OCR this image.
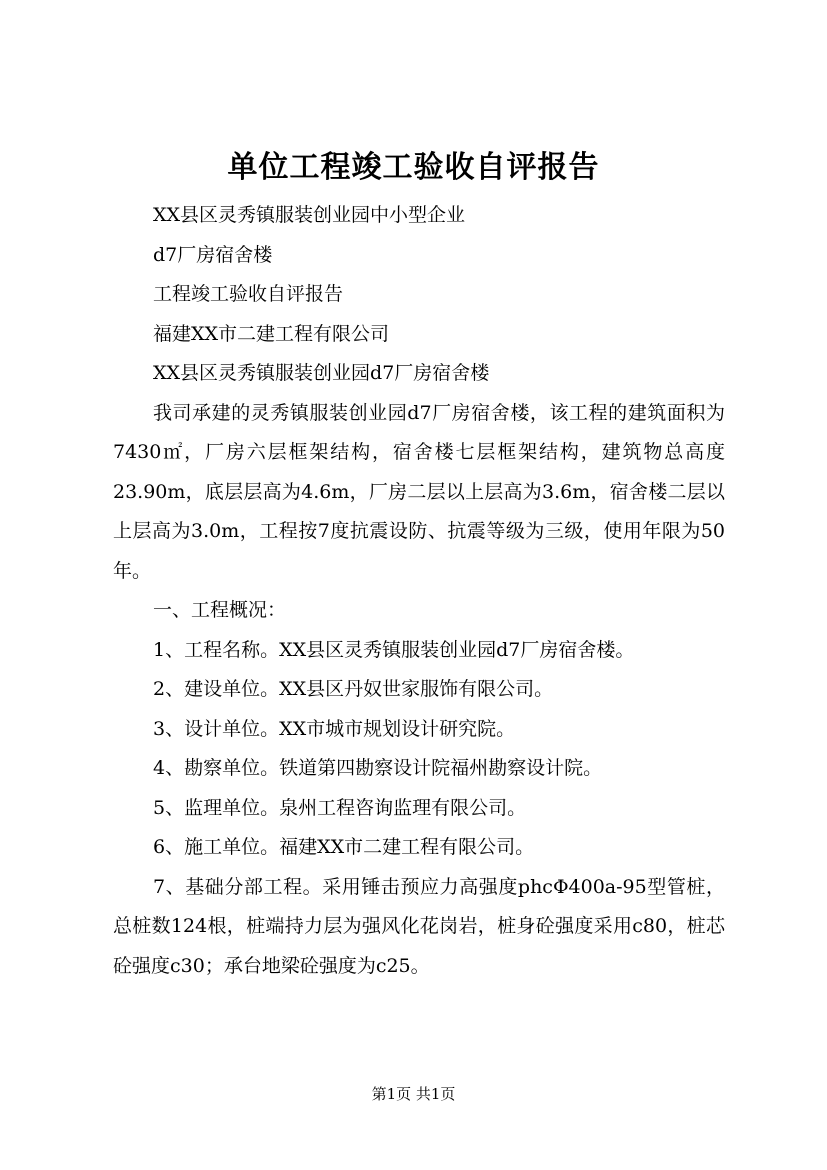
单位工程竣工验收自评报告

XX县区灵秀镇服装创业园中小型企业

d7厂房宿舍楼

工程竣工验收自评报告

福建XX市二建工程有限公司

XX县区灵秀镇服装创业园d7厂房宿舍楼

我司承建的灵秀镇服装创业园d7厂房宿舍楼，该工程的建筑面积为7430㎡，厂房六层框架结构，宿舍楼七层框架结构，建筑物总高度23.90m，底层层高为4.6m，厂房二层以上层高为3.6m，宿舍楼二层以上层高为3.0m，工程按7度抗震设防、抗震等级为三级，使用年限为50年。

一、工程概况：

1、工程名称。XX县区灵秀镇服装创业园d7厂房宿舍楼。

2、建设单位。XX县区丹奴世家服饰有限公司。

3、设计单位。XX市城市规划设计研究院。

4、勘察单位。铁道第四勘察设计院福州勘察设计院。

5、监理单位。泉州工程咨询监理有限公司。

6、施工单位。福建XX市二建工程有限公司。

7、基础分部工程。采用锤击预应力高强度phcΦ400a-95型管桩，总桩数124根，桩端持力层为强风化花岗岩，桩身砼强度采用c80，桩芯砼强度c30；承台地梁砼强度为c25。

第1页 共1页
